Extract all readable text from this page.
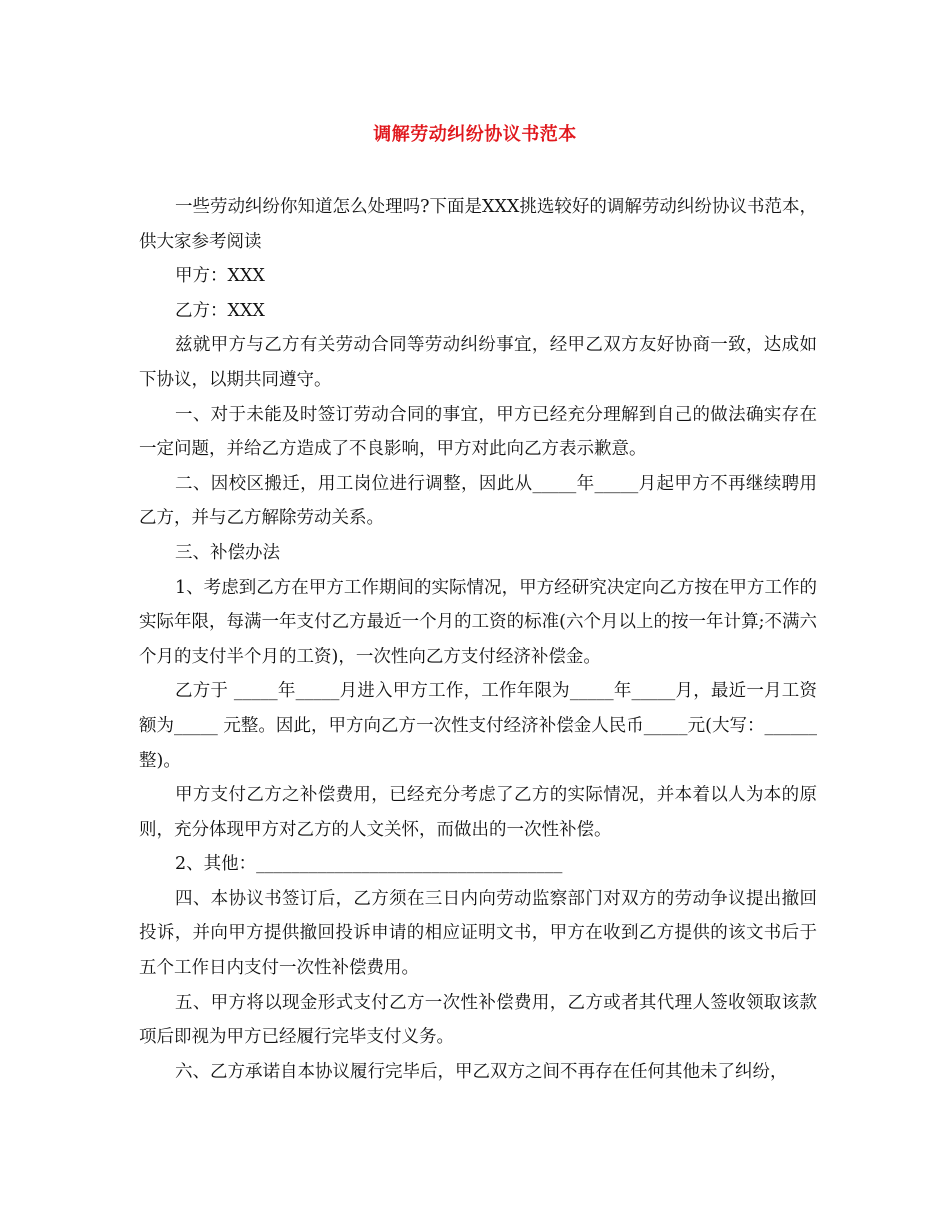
调解劳动纠纷协议书范本

一些劳动纠纷你知道怎么处理吗?下面是XXX挑选较好的调解劳动纠纷协议书范本，供大家参考阅读

甲方：XXX

乙方：XXX

兹就甲方与乙方有关劳动合同等劳动纠纷事宜，经甲乙双方友好协商一致，达成如下协议，以期共同遵守。

一、对于未能及时签订劳动合同的事宜，甲方已经充分理解到自己的做法确实存在一定问题，并给乙方造成了不良影响，甲方对此向乙方表示歉意。

二、因校区搬迁，用工岗位进行调整，因此从_____年_____月起甲方不再继续聘用乙方，并与乙方解除劳动关系。

三、补偿办法

1、考虑到乙方在甲方工作期间的实际情况，甲方经研究决定向乙方按在甲方工作的实际年限，每满一年支付乙方最近一个月的工资的标准(六个月以上的按一年计算;不满六个月的支付半个月的工资)，一次性向乙方支付经济补偿金。

乙方于 _____年_____月进入甲方工作，工作年限为_____年_____月，最近一月工资额为_____ 元整。因此，甲方向乙方一次性支付经济补偿金人民币_____元(大写：______ 整)。

甲方支付乙方之补偿费用，已经充分考虑了乙方的实际情况，并本着以人为本的原则，充分体现甲方对乙方的人文关怀，而做出的一次性补偿。

2、其他：___________________________________

四、本协议书签订后，乙方须在三日内向劳动监察部门对双方的劳动争议提出撤回投诉，并向甲方提供撤回投诉申请的相应证明文书，甲方在收到乙方提供的该文书后于五个工作日内支付一次性补偿费用。

五、甲方将以现金形式支付乙方一次性补偿费用，乙方或者其代理人签收领取该款项后即视为甲方已经履行完毕支付义务。

六、乙方承诺自本协议履行完毕后，甲乙双方之间不再存在任何其他未了纠纷，
